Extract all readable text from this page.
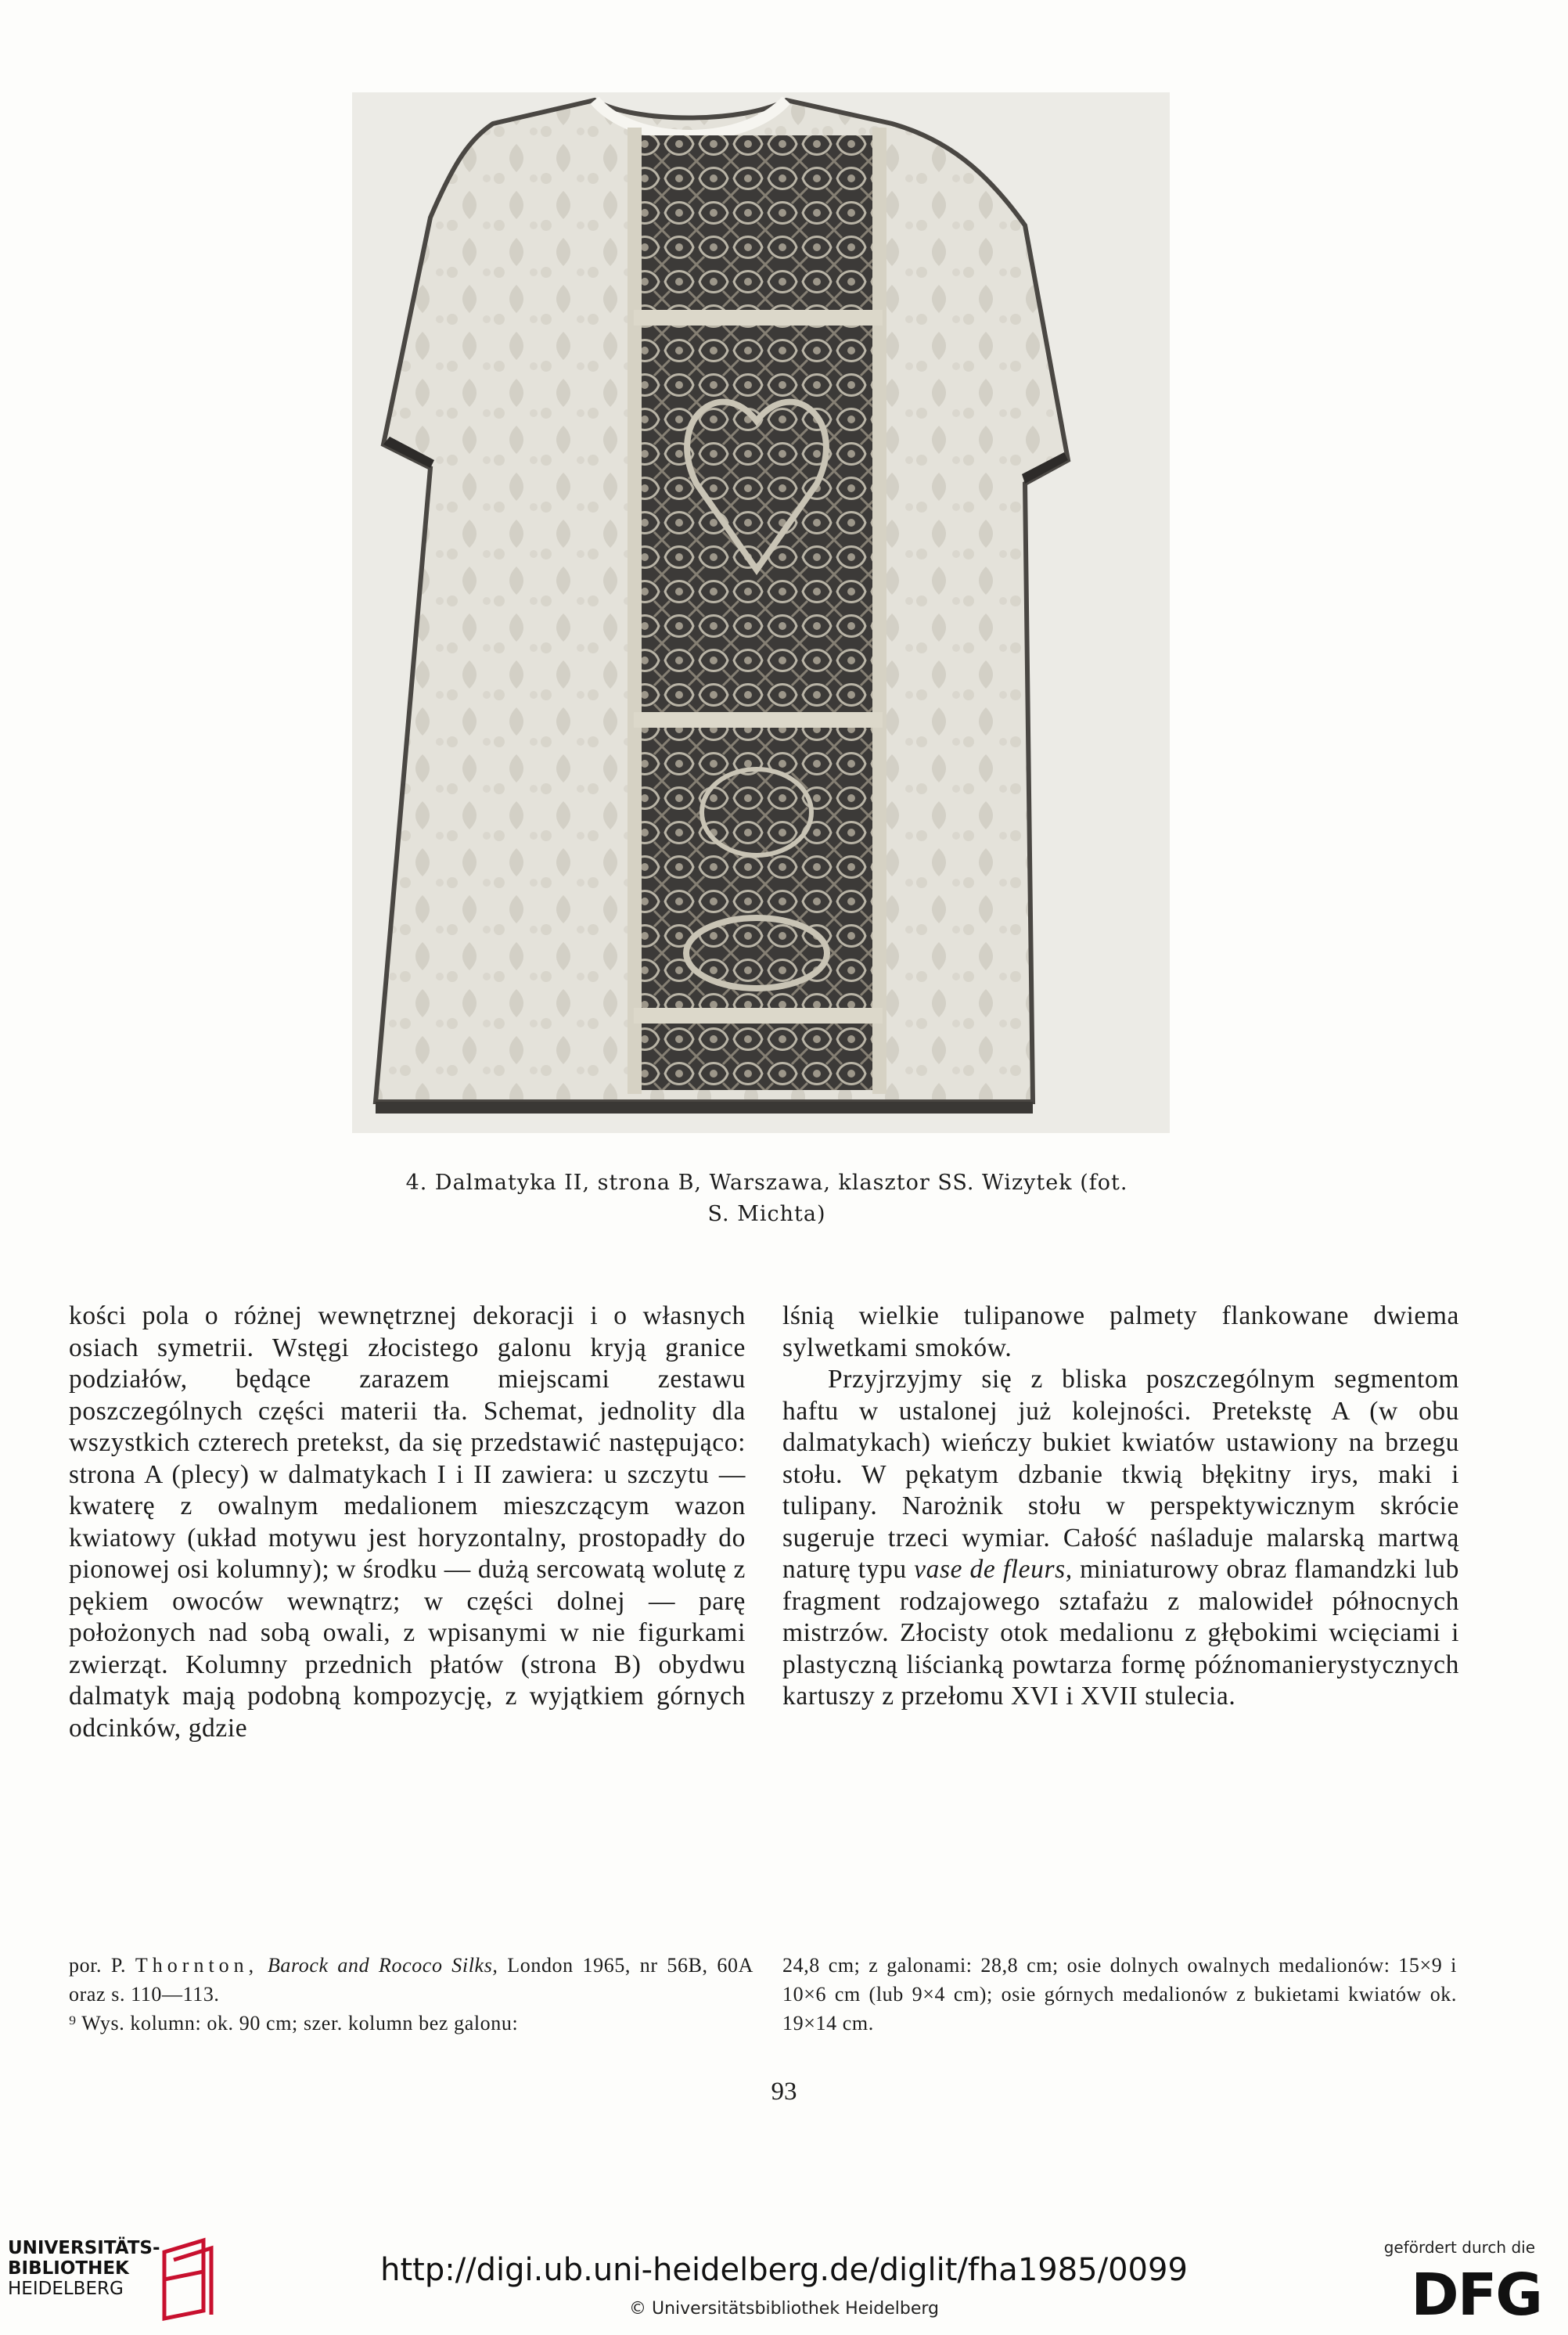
4. Dalmatyka II, strona B, Warszawa, klasztor SS. Wizytek (fot.
S. Michta)

kości pola o różnej wewnętrznej dekoracji i o własnych osiach symetrii. Wstęgi złocistego galonu kryją granice podziałów, będące zarazem miejscami zestawu poszczególnych części materii tła. Schemat, jednolity dla wszystkich czterech pretekst, da się przedstawić następująco: strona A (plecy) w dalmatykach I i II zawiera: u szczytu — kwaterę z owalnym medalionem mieszczącym wazon kwiatowy (układ motywu jest horyzontalny, prostopadły do pionowej osi kolumny); w środku — dużą sercowatą wolutę z pękiem owoców wewnątrz; w części dolnej — parę położonych nad sobą owali, z wpisanymi w nie figurkami zwierząt. Kolumny przednich płatów (strona B) obydwu dalmatyk mają podobną kompozycję, z wyjątkiem górnych odcinków, gdzie

lśnią wielkie tulipanowe palmety flankowane dwiema sylwetkami smoków.

Przyjrzyjmy się z bliska poszczególnym segmentom haftu w ustalonej już kolejności. Pretekstę A (w obu dalmatykach) wieńczy bukiet kwiatów ustawiony na brzegu stołu. W pękatym dzbanie tkwią błękitny irys, maki i tulipany. Narożnik stołu w perspektywicznym skrócie sugeruje trzeci wymiar. Całość naśladuje malarską martwą naturę typu vase de fleurs, miniaturowy obraz flamandzki lub fragment rodzajowego sztafażu z malowideł północnych mistrzów. Złocisty otok medalionu z głębokimi wcięciami i plastyczną liścianką powtarza formę późnomanierystycznych kartuszy z przełomu XVI i XVII stulecia.

por. P. Thornton, Barock and Rococo Silks, London 1965, nr 56B, 60A oraz s. 110—113.

⁹ Wys. kolumn: ok. 90 cm; szer. kolumn bez galonu:

24,8 cm; z galonami: 28,8 cm; osie dolnych owalnych medalionów: 15×9 i 10×6 cm (lub 9×4 cm); osie górnych medalionów z bukietami kwiatów ok. 19×14 cm.

93
UNIVERSITÄTS-
BIBLIOTHEK
HEIDELBERG
http://digi.ub.uni-heidelberg.de/diglit/fha1985/0099
© Universitätsbibliothek Heidelberg
gefördert durch die
DFG
